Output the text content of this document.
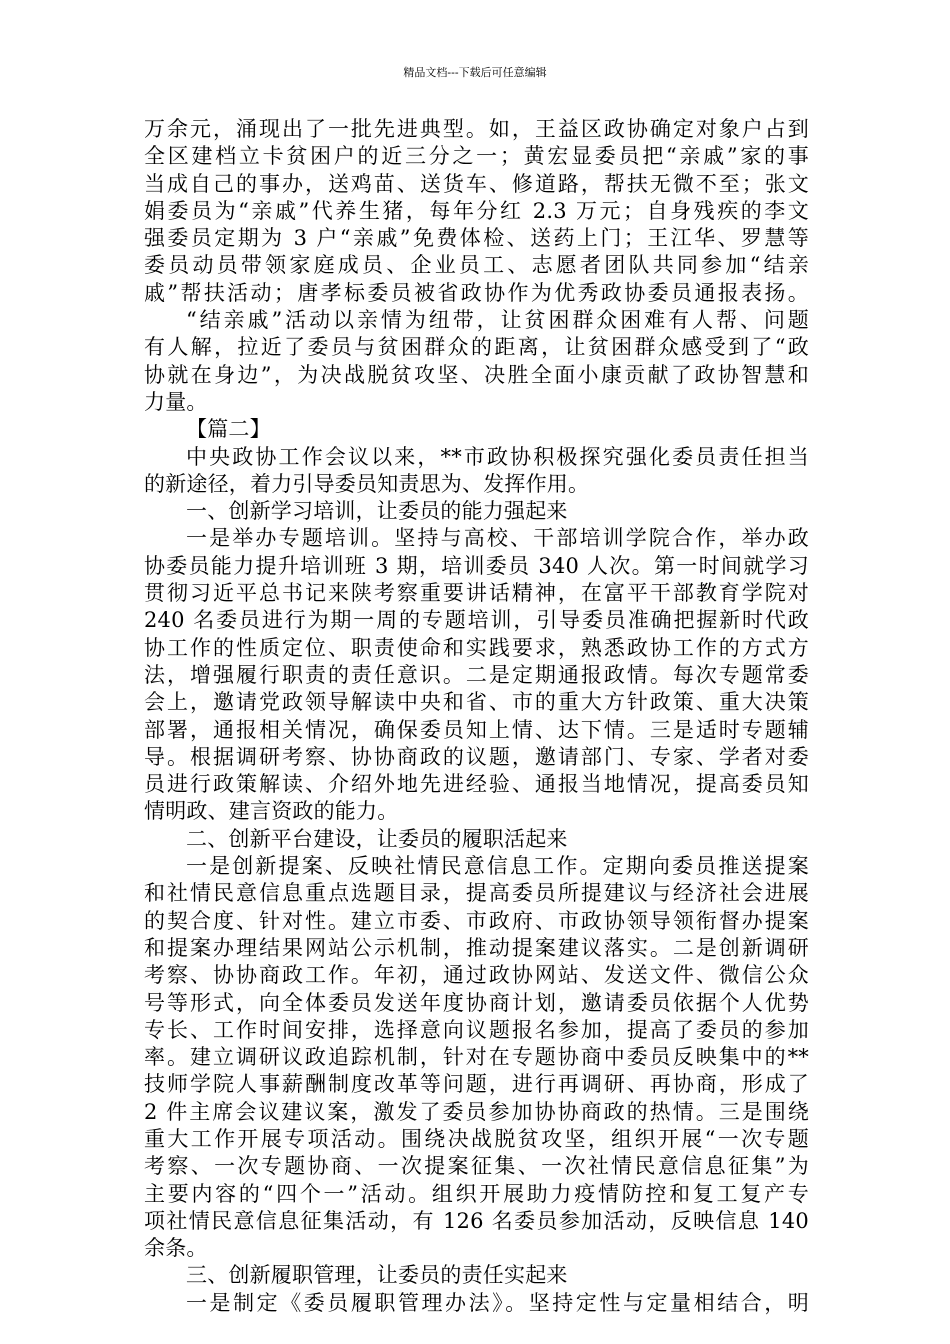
精品文档---下载后可任意编辑
万余元，涌现出了一批先进典型。如，王益区政协确定对象户占到
全区建档立卡贫困户的近三分之一；黄宏显委员把“亲戚”家的事
当成自己的事办，送鸡苗、送货车、修道路，帮扶无微不至；张文
娟委员为“亲戚”代养生猪，每年分红 2.3 万元；自身残疾的李文
强委员定期为 3 户“亲戚”免费体检、送药上门；王江华、罗慧等
委员动员带领家庭成员、企业员工、志愿者团队共同参加“结亲
戚”帮扶活动；唐孝标委员被省政协作为优秀政协委员通报表扬。
“结亲戚”活动以亲情为纽带，让贫困群众困难有人帮、问题
有人解，拉近了委员与贫困群众的距离，让贫困群众感受到了“政
协就在身边”，为决战脱贫攻坚、决胜全面小康贡献了政协智慧和
力量。
【篇二】
中央政协工作会议以来，**市政协积极探究强化委员责任担当
的新途径，着力引导委员知责思为、发挥作用。
一、创新学习培训，让委员的能力强起来
一是举办专题培训。坚持与高校、干部培训学院合作，举办政
协委员能力提升培训班 3 期，培训委员 340 人次。第一时间就学习
贯彻习近平总书记来陕考察重要讲话精神，在富平干部教育学院对
240 名委员进行为期一周的专题培训，引导委员准确把握新时代政
协工作的性质定位、职责使命和实践要求，熟悉政协工作的方式方
法，增强履行职责的责任意识。二是定期通报政情。每次专题常委
会上，邀请党政领导解读中央和省、市的重大方针政策、重大决策
部署，通报相关情况，确保委员知上情、达下情。三是适时专题辅
导。根据调研考察、协协商政的议题，邀请部门、专家、学者对委
员进行政策解读、介绍外地先进经验、通报当地情况，提高委员知
情明政、建言资政的能力。
二、创新平台建设，让委员的履职活起来
一是创新提案、反映社情民意信息工作。定期向委员推送提案
和社情民意信息重点选题目录，提高委员所提建议与经济社会进展
的契合度、针对性。建立市委、市政府、市政协领导领衔督办提案
和提案办理结果网站公示机制，推动提案建议落实。二是创新调研
考察、协协商政工作。年初，通过政协网站、发送文件、微信公众
号等形式，向全体委员发送年度协商计划，邀请委员依据个人优势
专长、工作时间安排，选择意向议题报名参加，提高了委员的参加
率。建立调研议政追踪机制，针对在专题协商中委员反映集中的**
技师学院人事薪酬制度改革等问题，进行再调研、再协商，形成了
2 件主席会议建议案，激发了委员参加协协商政的热情。三是围绕
重大工作开展专项活动。围绕决战脱贫攻坚，组织开展“一次专题
考察、一次专题协商、一次提案征集、一次社情民意信息征集”为
主要内容的“四个一”活动。组织开展助力疫情防控和复工复产专
项社情民意信息征集活动，有 126 名委员参加活动，反映信息 140
余条。
三、创新履职管理，让委员的责任实起来
一是制定《委员履职管理办法》。坚持定性与定量相结合，明
